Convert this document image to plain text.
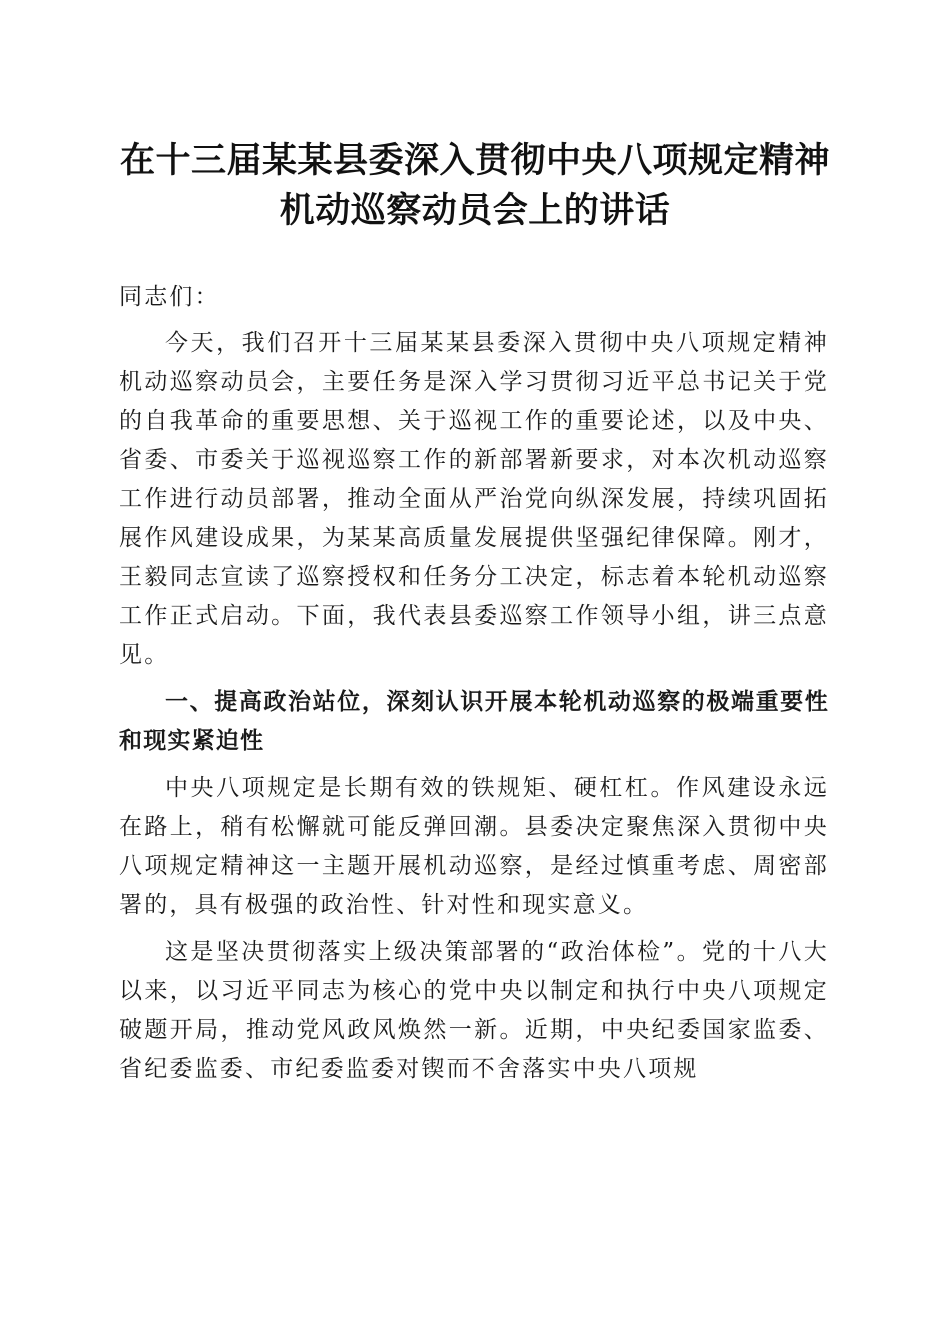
在十三届某某县委深入贯彻中央八项规定精神
机动巡察动员会上的讲话

同志们：

今天，我们召开十三届某某县委深入贯彻中央八项规定精神机动巡察动员会，主要任务是深入学习贯彻习近平总书记关于党的自我革命的重要思想、关于巡视工作的重要论述，以及中央、省委、市委关于巡视巡察工作的新部署新要求，对本次机动巡察工作进行动员部署，推动全面从严治党向纵深发展，持续巩固拓展作风建设成果，为某某高质量发展提供坚强纪律保障。刚才，王毅同志宣读了巡察授权和任务分工决定，标志着本轮机动巡察工作正式启动。下面，我代表县委巡察工作领导小组，讲三点意见。

一、提高政治站位，深刻认识开展本轮机动巡察的极端重要性和现实紧迫性

中央八项规定是长期有效的铁规矩、硬杠杠。作风建设永远在路上，稍有松懈就可能反弹回潮。县委决定聚焦深入贯彻中央八项规定精神这一主题开展机动巡察，是经过慎重考虑、周密部署的，具有极强的政治性、针对性和现实意义。

这是坚决贯彻落实上级决策部署的“政治体检”。党的十八大以来，以习近平同志为核心的党中央以制定和执行中央八项规定破题开局，推动党风政风焕然一新。近期，中央纪委国家监委、省纪委监委、市纪委监委对锲而不舍落实中央八项规
